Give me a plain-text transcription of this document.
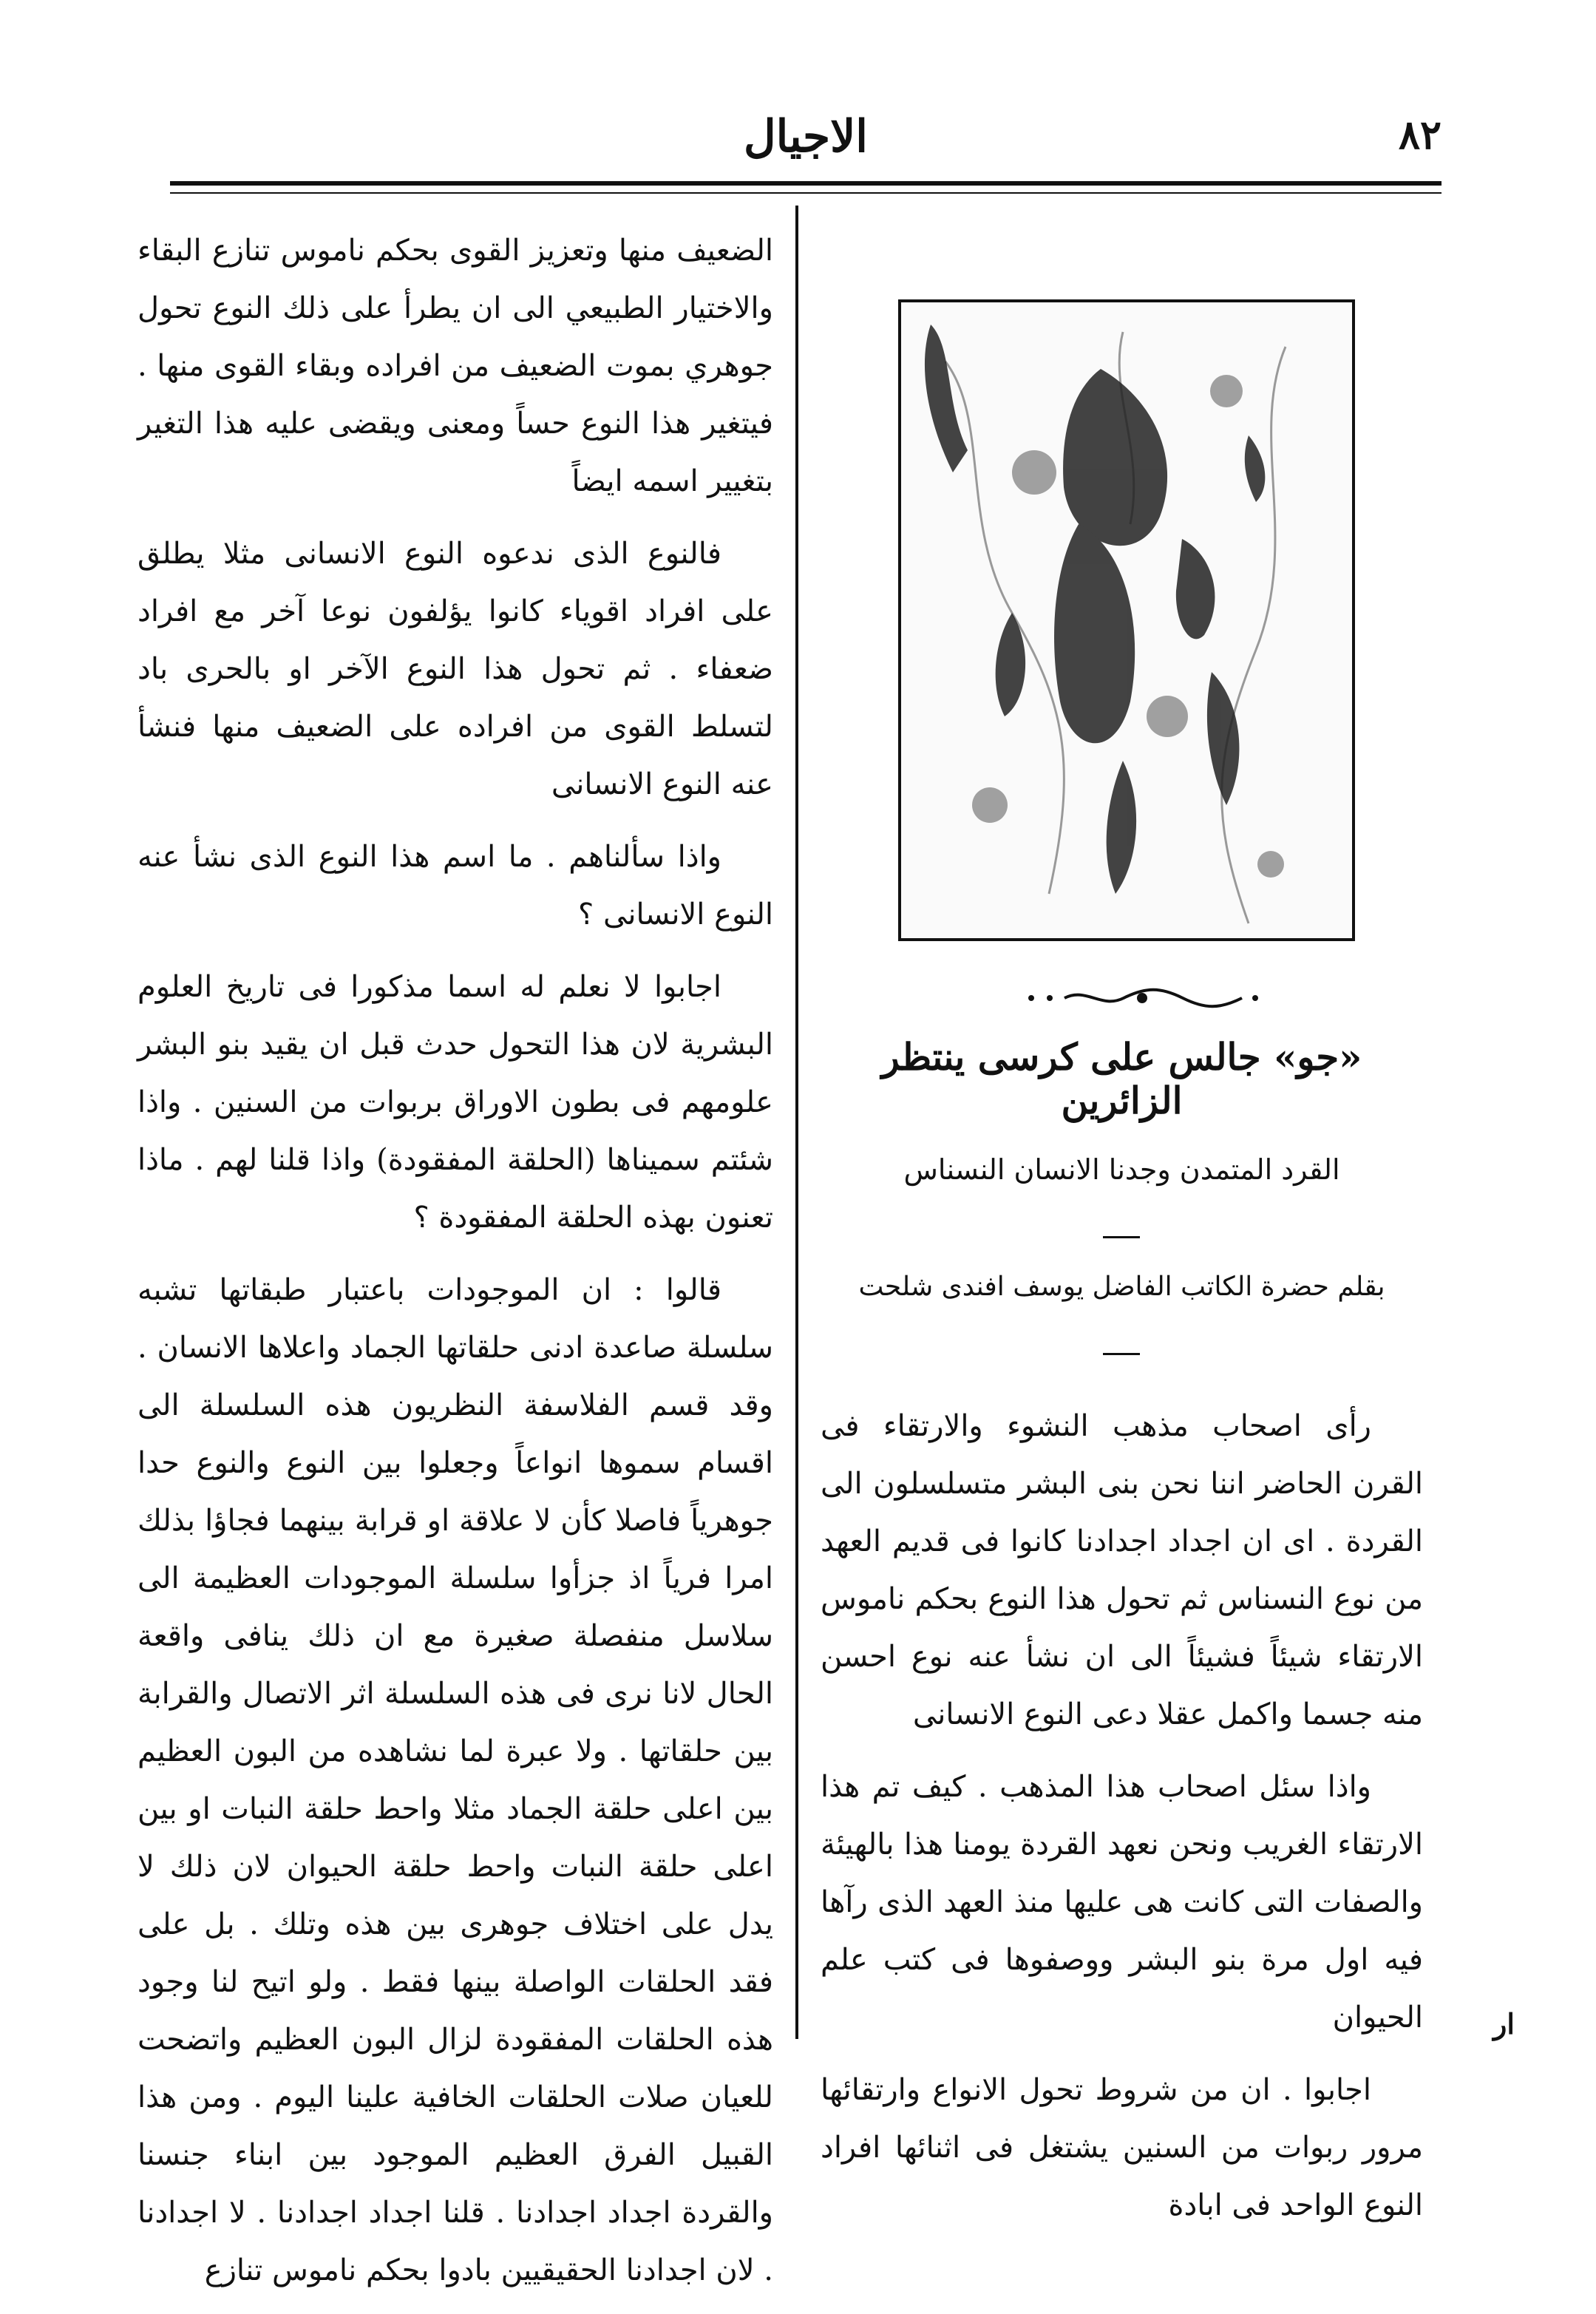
٨٢
الاجيال

الضعيف منها وتعزيز القوى بحكم ناموس تنازع البقاء والاختيار الطبيعي الى ان يطرأ على ذلك النوع تحول جوهري بموت الضعيف من افراده وبقاء القوى منها . فيتغير هذا النوع حساً ومعنى ويقضى عليه هذا التغير بتغيير اسمه ايضاً

فالنوع الذى ندعوه النوع الانسانى مثلا يطلق على افراد اقوياء كانوا يؤلفون نوعا آخر مع افراد ضعفاء . ثم تحول هذا النوع الآخر او بالحرى باد لتسلط القوى من افراده على الضعيف منها فنشأ عنه النوع الانسانى

واذا سألناهم . ما اسم هذا النوع الذى نشأ عنه النوع الانسانى ؟

اجابوا لا نعلم له اسما مذكورا فى تاريخ العلوم البشرية لان هذا التحول حدث قبل ان يقيد بنو البشر علومهم فى بطون الاوراق بربوات من السنين . واذا شئتم سميناها (الحلقة المفقودة) واذا قلنا لهم . ماذا تعنون بهذه الحلقة المفقودة ؟

قالوا : ان الموجودات باعتبار طبقاتها تشبه سلسلة صاعدة ادنى حلقاتها الجماد واعلاها الانسان . وقد قسم الفلاسفة النظريون هذه السلسلة الى اقسام سموها انواعاً وجعلوا بين النوع والنوع حدا جوهرياً فاصلا كأن لا علاقة او قرابة بينهما فجاؤا بذلك امرا فرياً اذ جزأوا سلسلة الموجودات العظيمة الى سلاسل منفصلة صغيرة مع ان ذلك ينافى واقعة الحال لانا نرى فى هذه السلسلة اثر الاتصال والقرابة بين حلقاتها . ولا عبرة لما نشاهده من البون العظيم بين اعلى حلقة الجماد مثلا واحط حلقة النبات او بين اعلى حلقة النبات واحط حلقة الحيوان لان ذلك لا يدل على اختلاف جوهرى بين هذه وتلك . بل على فقد الحلقات الواصلة بينها فقط . ولو اتيح لنا وجود هذه الحلقات المفقودة لزال البون العظيم واتضحت للعيان صلات الحلقات الخافية علينا اليوم . ومن هذا القبيل الفرق العظيم الموجود بين ابناء جنسنا والقردة اجداد اجدادنا . قلنا اجداد اجدادنا . لا اجدادنا . لان اجدادنا الحقيقيين بادوا بحكم ناموس تنازع

«جو» جالس على كرسى ينتظر الزائرين
القرد المتمدن وجدنا الانسان النسناس
بقلم حضرة الكاتب الفاضل يوسف افندى شلحت

رأى اصحاب مذهب النشوء والارتقاء فى القرن الحاضر اننا نحن بنى البشر متسلسلون الى القردة . اى ان اجداد اجدادنا كانوا فى قديم العهد من نوع النسناس ثم تحول هذا النوع بحكم ناموس الارتقاء شيئاً فشيئاً الى ان نشأ عنه نوع احسن منه جسما واكمل عقلا دعى النوع الانسانى

واذا سئل اصحاب هذا المذهب . كيف تم هذا الارتقاء الغريب ونحن نعهد القردة يومنا هذا بالهيئة والصفات التى كانت هى عليها منذ العهد الذى رآها فيه اول مرة بنو البشر ووصفوها فى كتب علم الحيوان

اجابوا . ان من شروط تحول الانواع وارتقائها مرور ربوات من السنين يشتغل فى اثنائها افراد النوع الواحد فى ابادة

ار
